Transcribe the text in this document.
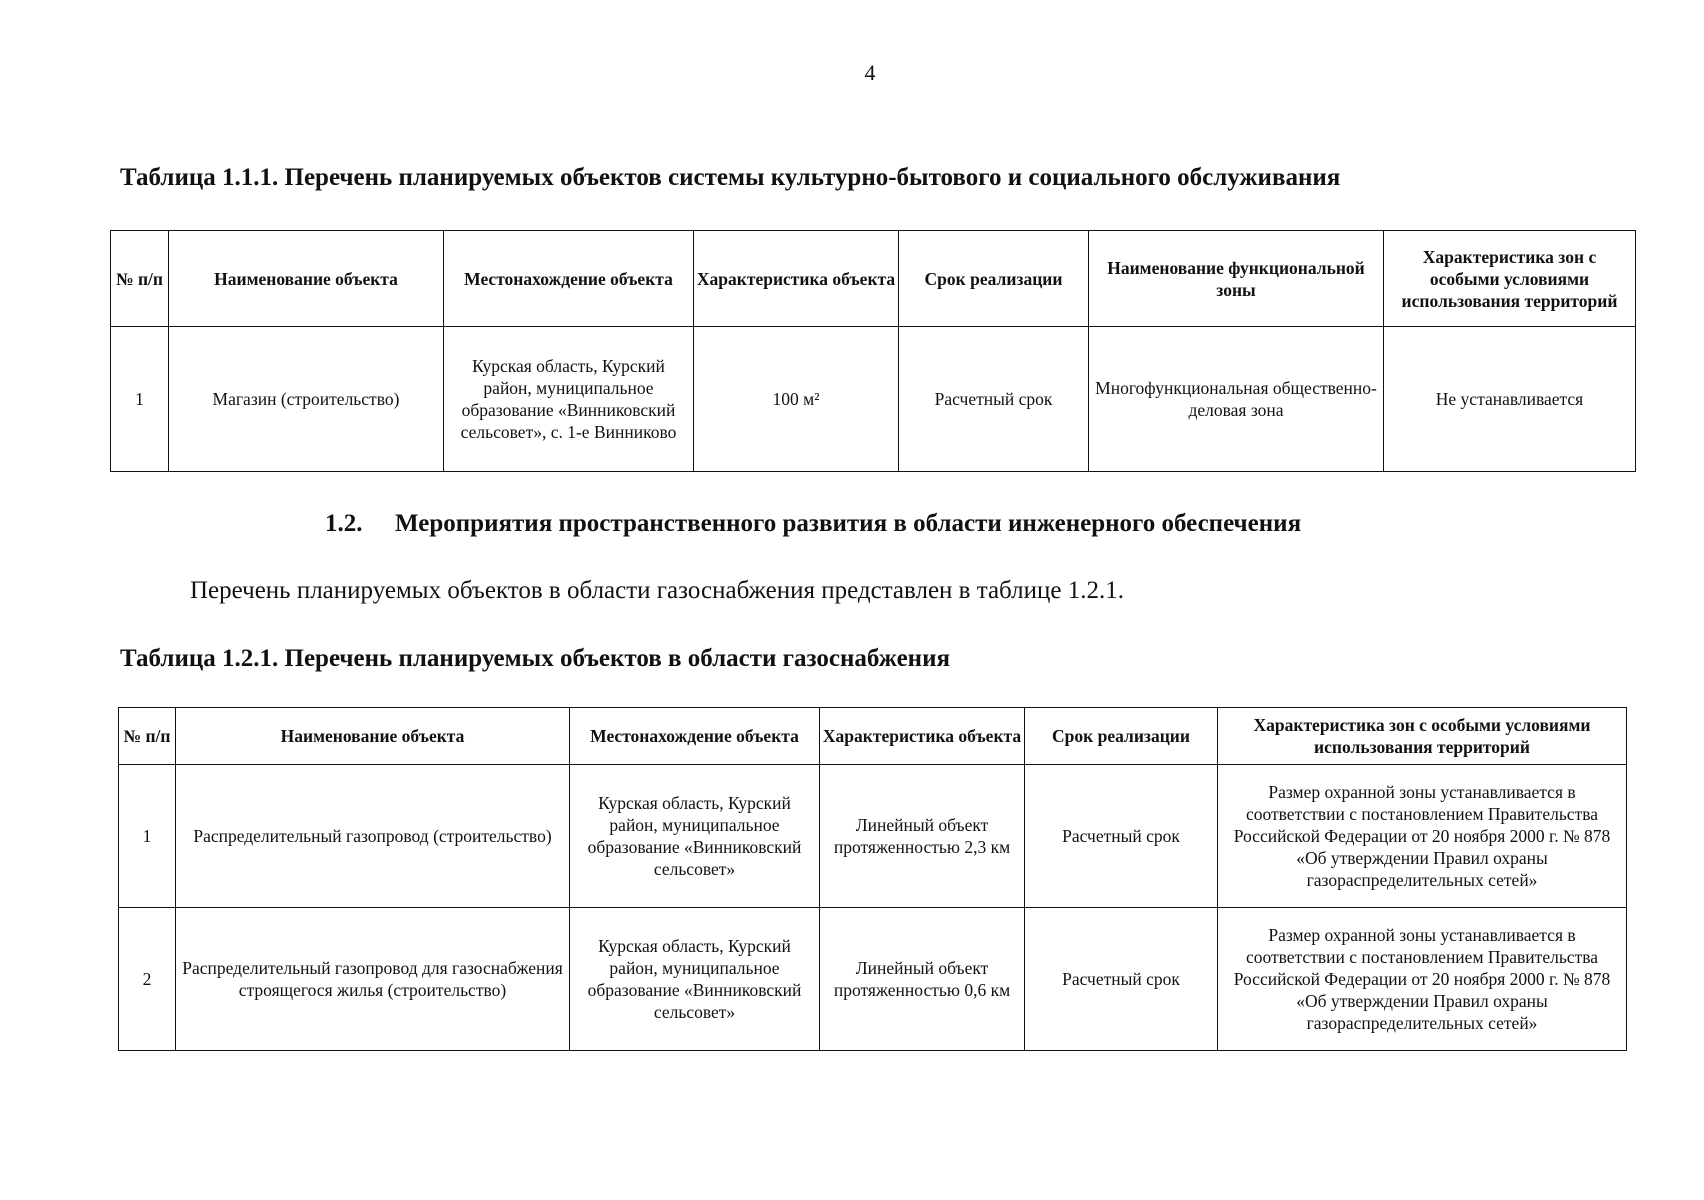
4
Таблица 1.1.1. Перечень планируемых объектов системы культурно-бытового и социального обслуживания
№ п/п	Наименование объекта	Местонахождение объекта	Характеристика объекта	Срок реализации	Наименование функциональной зоны	Характеристика зон с особыми условиями использования территорий
1	Магазин (строительство)	Курская область, Курский район, муниципальное образование «Винниковский сельсовет», с. 1-е Винниково	100 м²	Расчетный срок	Многофункциональная общественно-деловая зона	Не устанавливается
1.2. Мероприятия пространственного развития в области инженерного обеспечения
Перечень планируемых объектов в области газоснабжения представлен в таблице 1.2.1.
Таблица 1.2.1. Перечень планируемых объектов в области газоснабжения
№ п/п	Наименование объекта	Местонахождение объекта	Характеристика объекта	Срок реализации	Характеристика зон с особыми условиями использования территорий
1	Распределительный газопровод (строительство)	Курская область, Курский район, муниципальное образование «Винниковский сельсовет»	Линейный объект протяженностью 2,3 км	Расчетный срок	Размер охранной зоны устанавливается в соответствии с постановлением Правительства Российской Федерации от 20 ноября 2000 г. № 878 «Об утверждении Правил охраны газораспределительных сетей»
2	Распределительный газопровод для газоснабжения строящегося жилья (строительство)	Курская область, Курский район, муниципальное образование «Винниковский сельсовет»	Линейный объект протяженностью 0,6 км	Расчетный срок	Размер охранной зоны устанавливается в соответствии с постановлением Правительства Российской Федерации от 20 ноября 2000 г. № 878 «Об утверждении Правил охраны газораспределительных сетей»
